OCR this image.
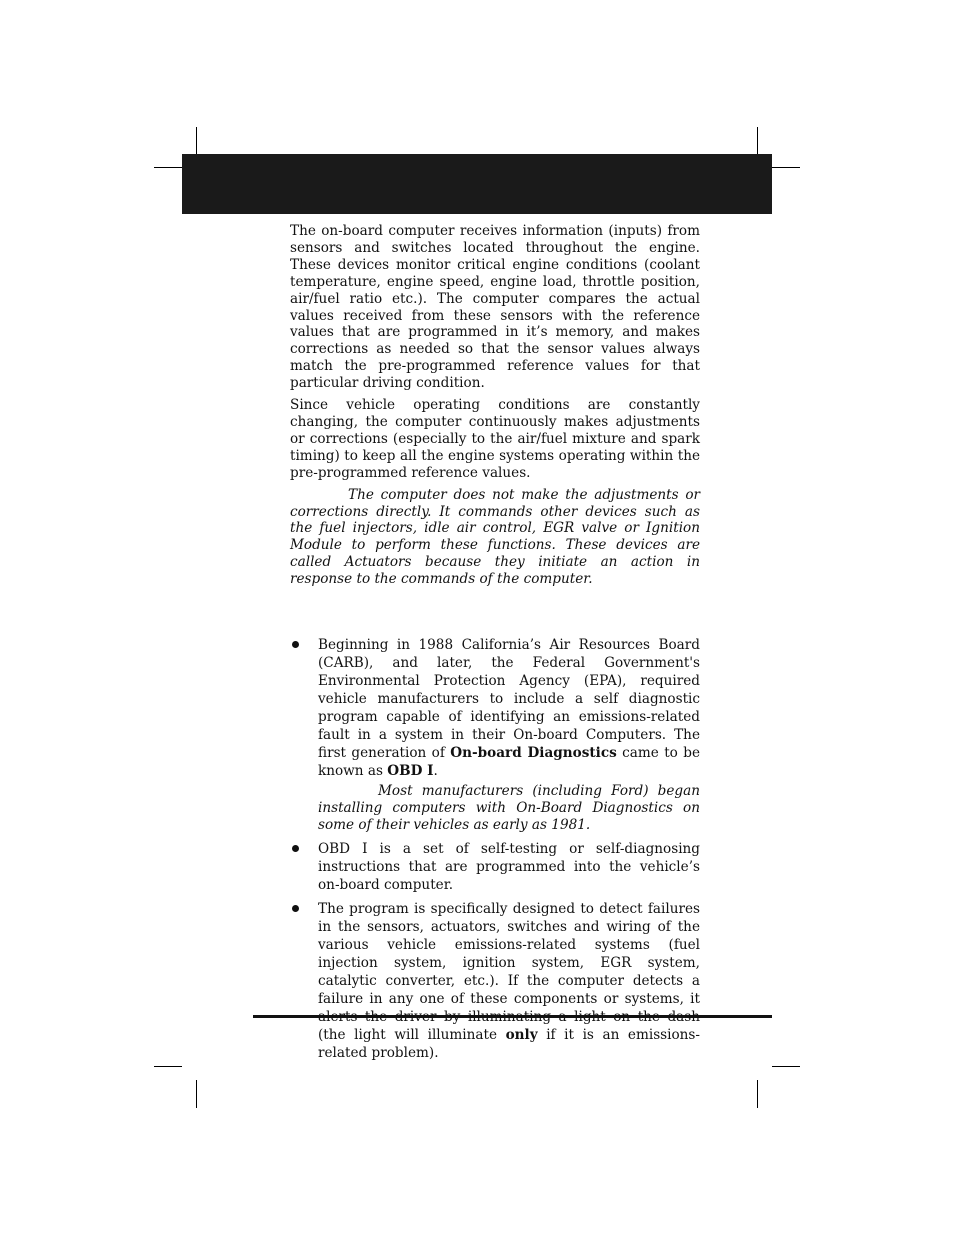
The on-board computer receives information (inputs) from sensors and switches located throughout the engine. These devices monitor critical engine conditions (coolant temperature, engine speed, engine load, throttle position, air/fuel ratio etc.). The computer compares the actual values received from these sensors with the reference values that are programmed in it’s memory, and makes corrections as needed so that the sensor values always match the pre-programmed reference values for that particular driving condition.

Since vehicle operating conditions are constantly changing, the computer continuously makes adjustments or corrections (especially to the air/fuel mixture and spark timing) to keep all the engine systems operating within the pre-programmed reference values.

The computer does not make the adjustments or corrections directly. It commands other devices such as the fuel injectors, idle air control, EGR valve or Ignition Module to perform these functions. These devices are called Actuators because they initiate an action in response to the commands of the computer.

Beginning in 1988 California’s Air Resources Board (CARB), and later, the Federal Government's Environmental Protection Agency (EPA), required vehicle manufacturers to include a self diagnostic program capable of identifying an emissions-related fault in a system in their On-board Computers. The first generation of On-board Diagnostics came to be known as OBD I.

Most manufacturers (including Ford) began installing computers with On-Board Diagnostics on some of their vehicles as early as 1981.

OBD I is a set of self-testing or self-diagnosing instructions that are programmed into the vehicle’s on-board computer.

The program is specifically designed to detect failures in the sensors, actuators, switches and wiring of the various vehicle emissions-related systems (fuel injection system, ignition system, EGR system, catalytic converter, etc.). If the computer detects a failure in any one of these components or systems, it (the light will illuminate only if it is an emissions-related problem).
